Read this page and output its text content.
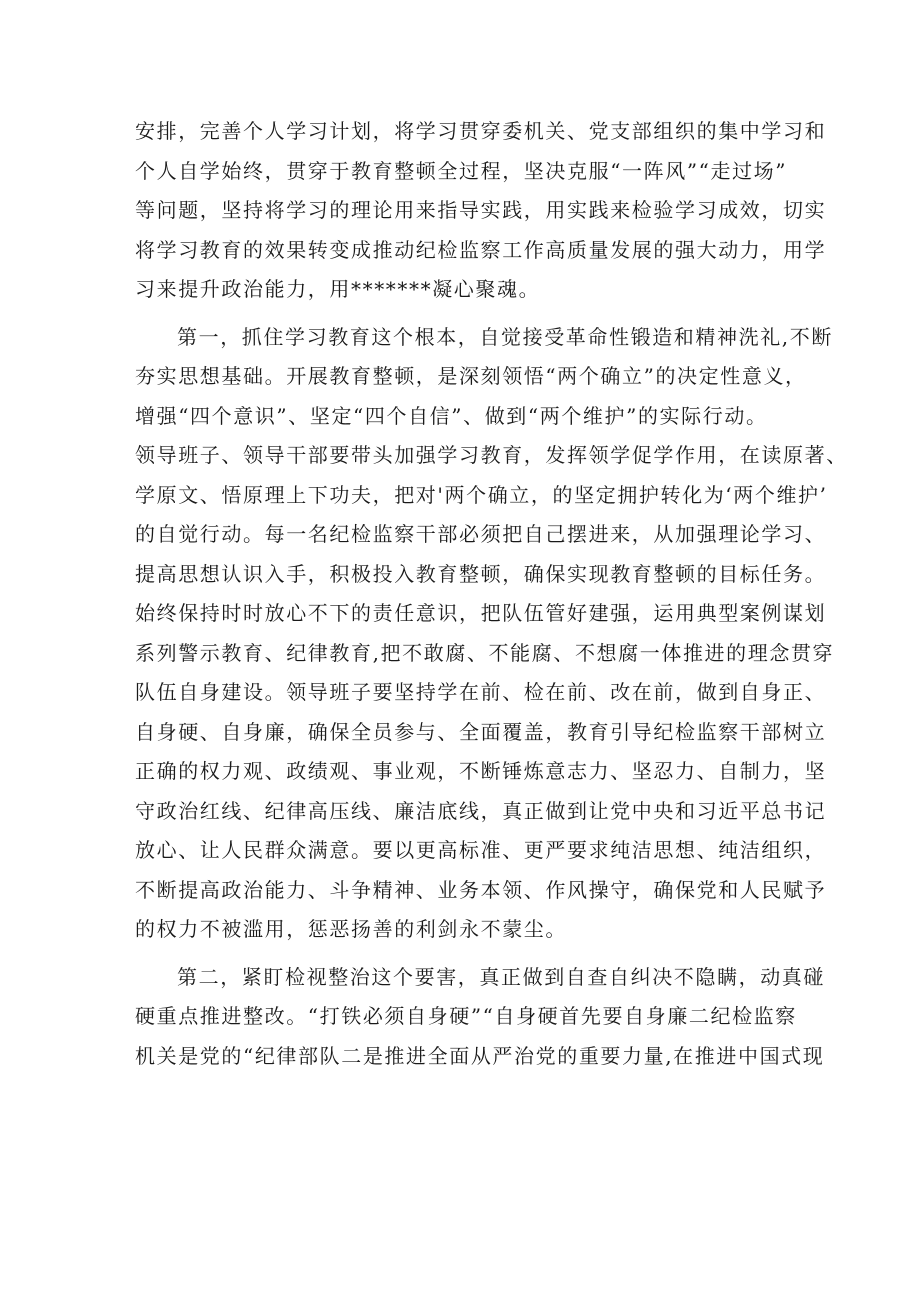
安排，完善个人学习计划，将学习贯穿委机关、党支部组织的集中学习和
个人自学始终，贯穿于教育整顿全过程，坚决克服“一阵风”“走过场”
等问题，坚持将学习的理论用来指导实践，用实践来检验学习成效，切实
将学习教育的效果转变成推动纪检监察工作高质量发展的强大动力，用学
习来提升政治能力，用*******凝心聚魂。
第一，抓住学习教育这个根本，自觉接受革命性锻造和精神洗礼,不断
夯实思想基础。开展教育整顿，是深刻领悟“两个确立”的决定性意义，
增强“四个意识”、坚定“四个自信”、做到“两个维护”的实际行动。
领导班子、领导干部要带头加强学习教育，发挥领学促学作用，在读原著、
学原文、悟原理上下功夫，把对'两个确立，的坚定拥护转化为‘两个维护’
的自觉行动。每一名纪检监察干部必须把自己摆进来，从加强理论学习、
提高思想认识入手，积极投入教育整顿，确保实现教育整顿的目标任务。
始终保持时时放心不下的责任意识，把队伍管好建强，运用典型案例谋划
系列警示教育、纪律教育,把不敢腐、不能腐、不想腐一体推进的理念贯穿
队伍自身建设。领导班子要坚持学在前、检在前、改在前，做到自身正、
自身硬、自身廉，确保全员参与、全面覆盖，教育引导纪检监察干部树立
正确的权力观、政绩观、事业观，不断锤炼意志力、坚忍力、自制力，坚
守政治红线、纪律高压线、廉洁底线，真正做到让党中央和习近平总书记
放心、让人民群众满意。要以更高标准、更严要求纯洁思想、纯洁组织，
不断提高政治能力、斗争精神、业务本领、作风操守，确保党和人民赋予
的权力不被滥用，惩恶扬善的利剑永不蒙尘。
第二，紧盯检视整治这个要害，真正做到自查自纠决不隐瞒，动真碰
硬重点推进整改。“打铁必须自身硬”“自身硬首先要自身廉二纪检监察
机关是党的“纪律部队二是推进全面从严治党的重要力量,在推进中国式现
